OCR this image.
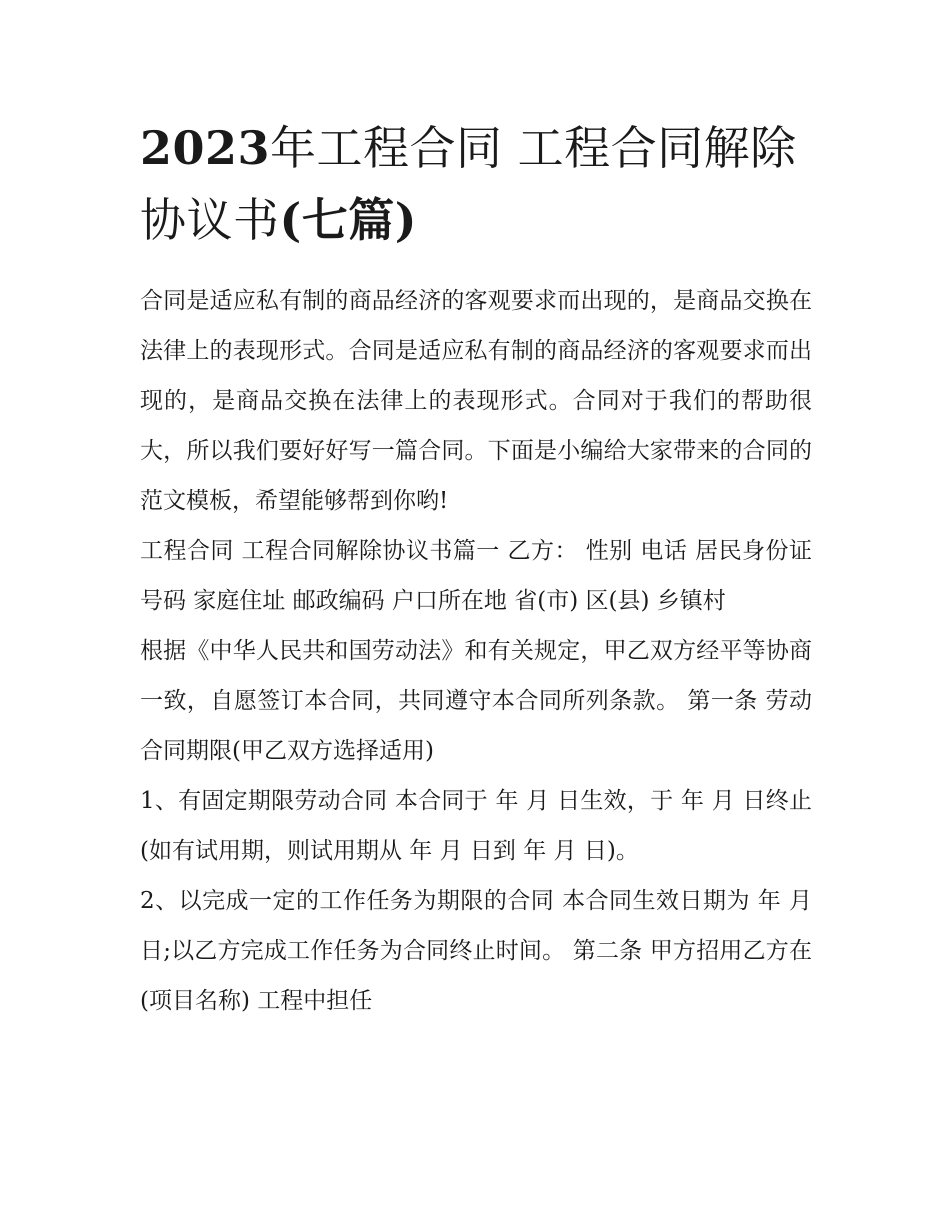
2023年工程合同 工程合同解除协议书(七篇)

合同是适应私有制的商品经济的客观要求而出现的，是商品交换在法律上的表现形式。合同是适应私有制的商品经济的客观要求而出现的，是商品交换在法律上的表现形式。合同对于我们的帮助很大，所以我们要好好写一篇合同。下面是小编给大家带来的合同的范文模板，希望能够帮到你哟!

工程合同 工程合同解除协议书篇一 乙方： 性别 电话 居民身份证号码 家庭住址 邮政编码 户口所在地 省(市) 区(县) 乡镇村

根据《中华人民共和国劳动法》和有关规定，甲乙双方经平等协商一致，自愿签订本合同，共同遵守本合同所列条款。 第一条 劳动合同期限(甲乙双方选择适用)

1、有固定期限劳动合同 本合同于 年 月 日生效，于 年 月 日终止(如有试用期，则试用期从 年 月 日到 年 月 日)。

2、以完成一定的工作任务为期限的合同 本合同生效日期为 年 月 日;以乙方完成工作任务为合同终止时间。 第二条 甲方招用乙方在 (项目名称) 工程中担任
